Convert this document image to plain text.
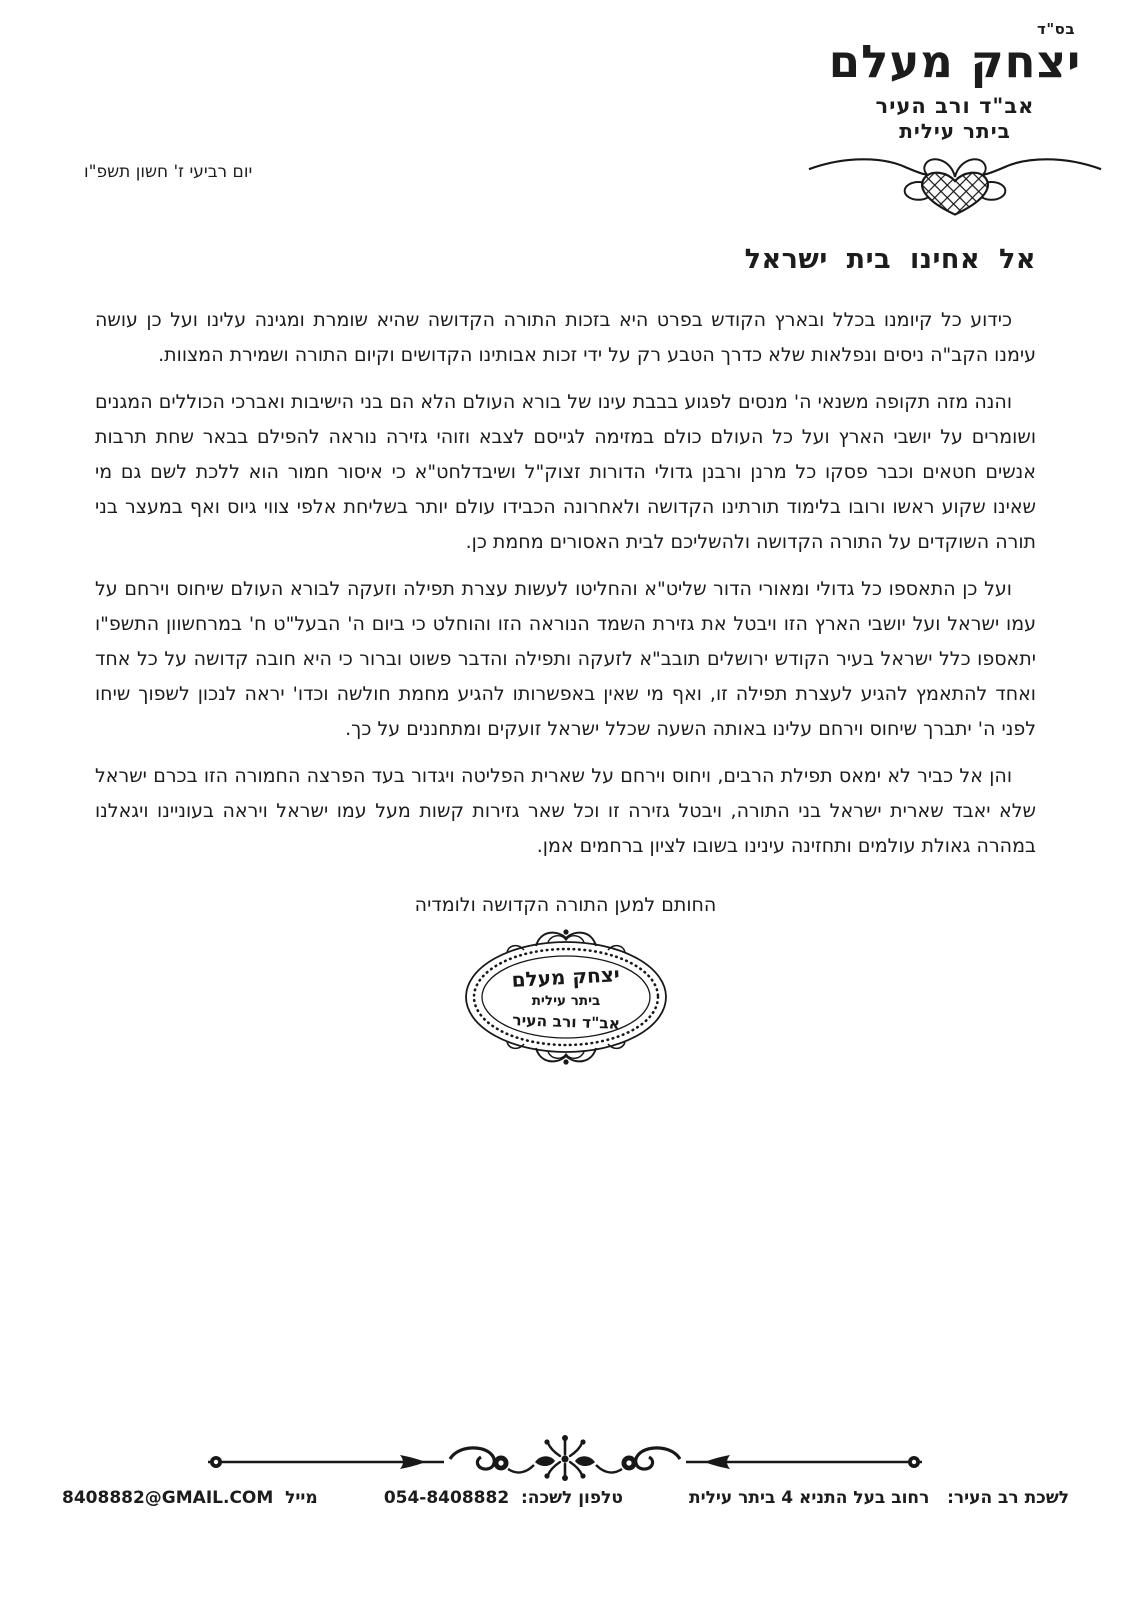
בס"ד
יצחק מעלם
אב"ד ורב העיר
ביתר עילית
יום רביעי ז' חשון תשפ"ו
אל אחינו בית ישראל

כידוע כל קיומנו בכלל ובארץ הקודש בפרט היא בזכות התורה הקדושה שהיא שומרת ומגינה עלינו ועל כן עושה עימנו הקב"ה ניסים ונפלאות שלא כדרך הטבע רק על ידי זכות אבותינו הקדושים וקיום התורה ושמירת המצוות.

והנה מזה תקופה משנאי ה' מנסים לפגוע בבבת עינו של בורא העולם הלא הם בני הישיבות ואברכי הכוללים המגנים ושומרים על יושבי הארץ ועל כל העולם כולם במזימה לגייסם לצבא וזוהי גזירה נוראה להפילם בבאר שחת תרבות אנשים חטאים וכבר פסקו כל מרנן ורבנן גדולי הדורות זצוק"ל ושיבדלחט"א כי איסור חמור הוא ללכת לשם גם מי שאינו שקוע ראשו ורובו בלימוד תורתינו הקדושה ולאחרונה הכבידו עולם יותר בשליחת אלפי צווי גיוס ואף במעצר בני תורה השוקדים על התורה הקדושה ולהשליכם לבית האסורים מחמת כן.

ועל כן התאספו כל גדולי ומאורי הדור שליט"א והחליטו לעשות עצרת תפילה וזעקה לבורא העולם שיחוס וירחם על עמו ישראל ועל יושבי הארץ הזו ויבטל את גזירת השמד הנוראה הזו והוחלט כי ביום ה' הבעל"ט ח' במרחשוון התשפ"ו יתאספו כלל ישראל בעיר הקודש ירושלים תובב"א לזעקה ותפילה והדבר פשוט וברור כי היא חובה קדושה על כל אחד ואחד להתאמץ להגיע לעצרת תפילה זו, ואף מי שאין באפשרותו להגיע מחמת חולשה וכדו' יראה לנכון לשפוך שיחו לפני ה' יתברך שיחוס וירחם עלינו באותה השעה שכלל ישראל זועקים ומתחננים על כך.

והן אל כביר לא ימאס תפילת הרבים, ויחוס וירחם על שארית הפליטה ויגדור בעד הפרצה החמורה הזו בכרם ישראל שלא יאבד שארית ישראל בני התורה, ויבטל גזירה זו וכל שאר גזירות קשות מעל עמו ישראל ויראה בעוניינו ויגאלנו במהרה גאולת עולמים ותחזינה עינינו בשובו לציון ברחמים אמן.

החותם למען התורה הקדושה ולומדיה
יצחק מעלם
ביתר עילית
אב"ד ורב העיר
לשכת רב העיר:   רחוב בעל התניא 4 ביתר עילית
טלפון לשכה:  054-8408882
מייל  8408882@GMAIL.COM
